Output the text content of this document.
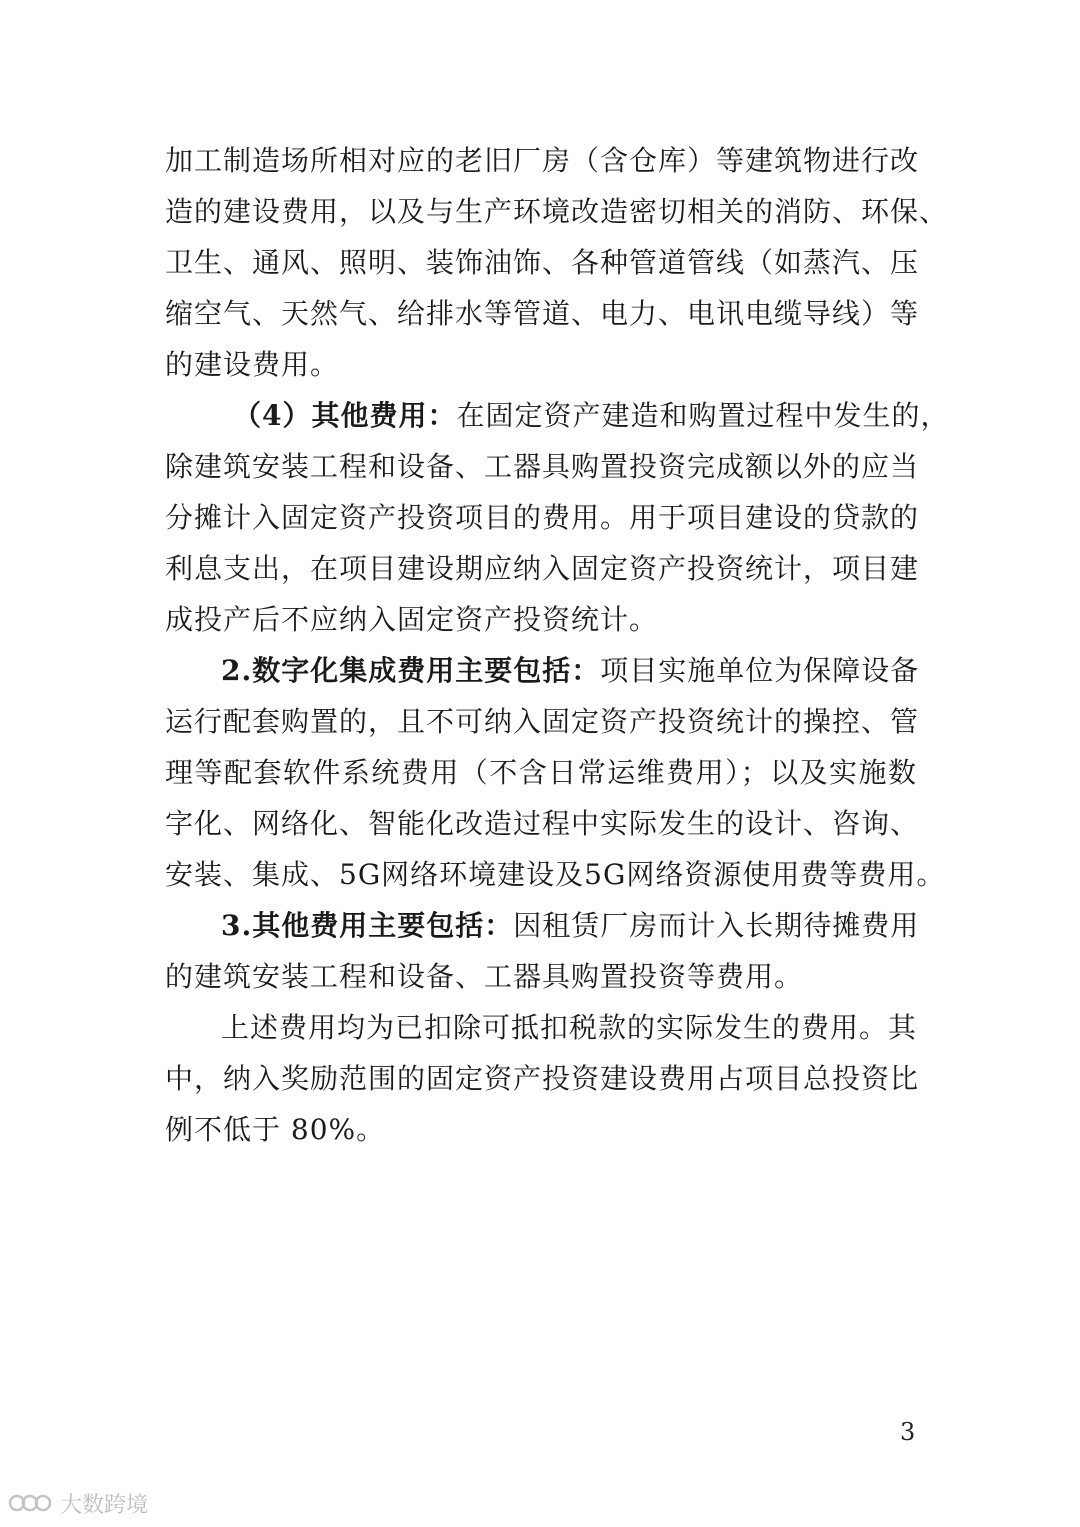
加工制造场所相对应的老旧厂房（含仓库）等建筑物进行改
造的建设费用，以及与生产环境改造密切相关的消防、环保、
卫生、通风、照明、装饰油饰、各种管道管线（如蒸汽、压
缩空气、天然气、给排水等管道、电力、电讯电缆导线）等
的建设费用。
（4）其他费用：在固定资产建造和购置过程中发生的，
除建筑安装工程和设备、工器具购置投资完成额以外的应当
分摊计入固定资产投资项目的费用。用于项目建设的贷款的
利息支出，在项目建设期应纳入固定资产投资统计，项目建
成投产后不应纳入固定资产投资统计。
2.数字化集成费用主要包括：项目实施单位为保障设备
运行配套购置的，且不可纳入固定资产投资统计的操控、管
理等配套软件系统费用（不含日常运维费用）；以及实施数
字化、网络化、智能化改造过程中实际发生的设计、咨询、
安装、集成、5G网络环境建设及5G网络资源使用费等费用。
3.其他费用主要包括：因租赁厂房而计入长期待摊费用
的建筑安装工程和设备、工器具购置投资等费用。
上述费用均为已扣除可抵扣税款的实际发生的费用。其
中，纳入奖励范围的固定资产投资建设费用占项目总投资比
例不低于 80%。
3
大数跨境
